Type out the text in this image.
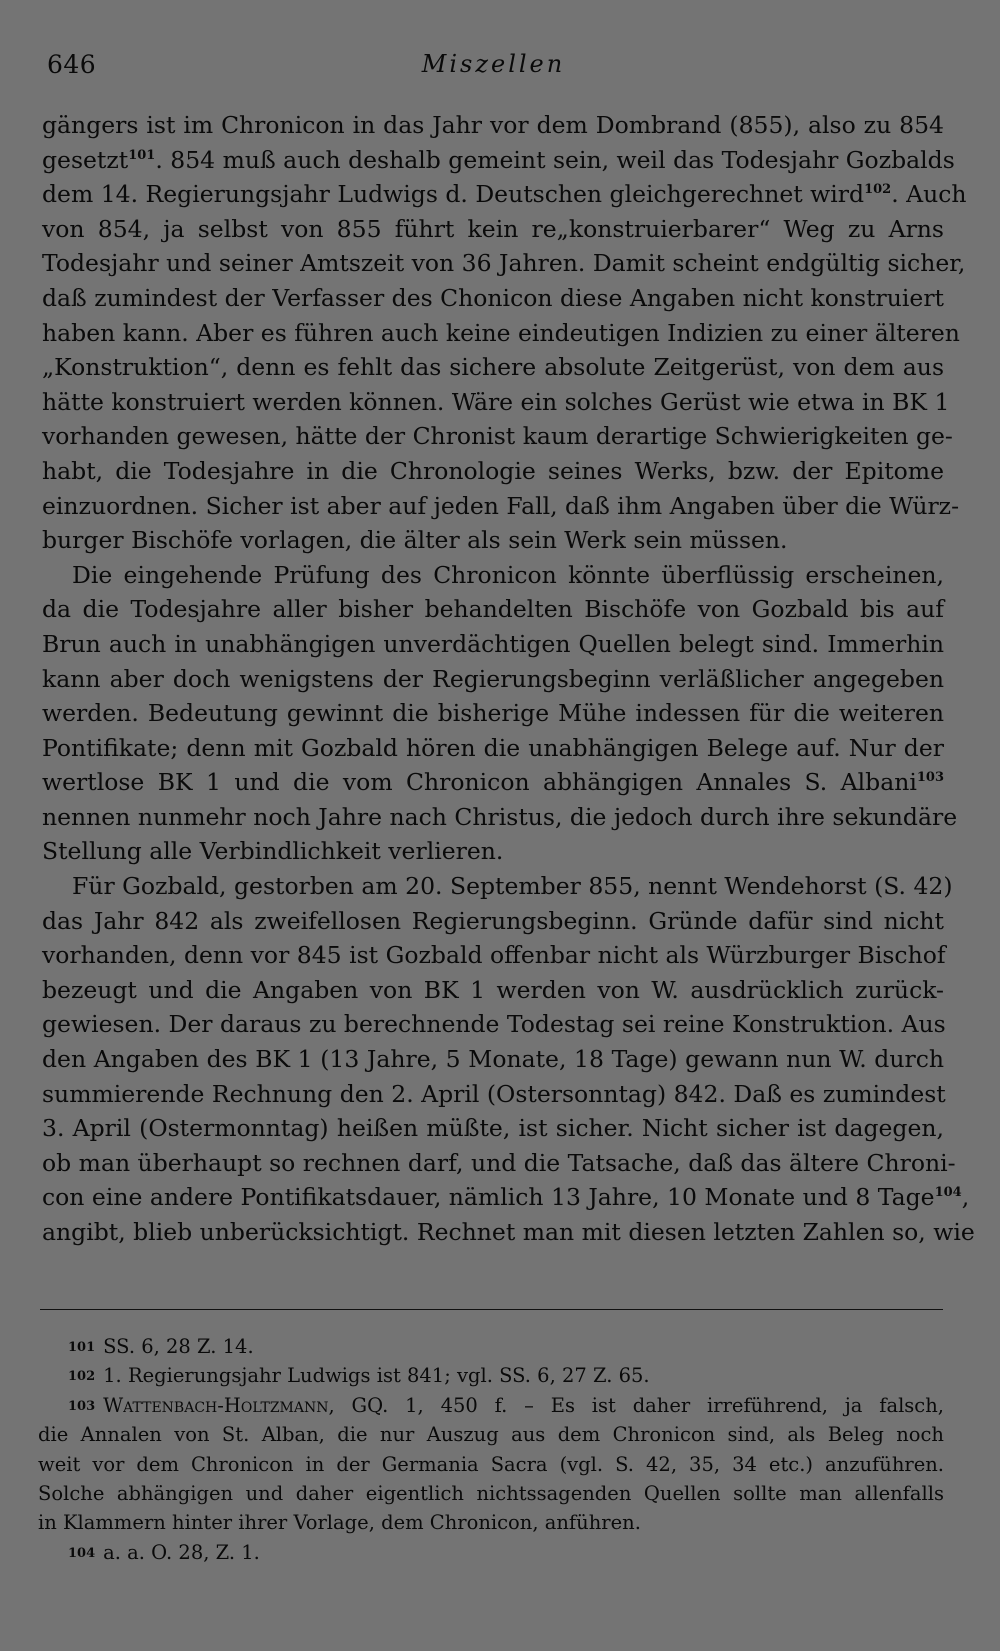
646	Miszellen
gängers ist im Chronicon in das Jahr vor dem Dombrand (855), also zu 854
gesetzt$^{101}$. 854 muß auch deshalb gemeint sein, weil das Todesjahr Gozbalds
dem 14. Regierungsjahr Ludwigs d. Deutschen gleichgerechnet wird$^{102}$. Auch
von 854, ja selbst von 855 führt kein re„konstruierbarer“ Weg zu Arns
Todesjahr und seiner Amtszeit von 36 Jahren. Damit scheint endgültig sicher,
daß zumindest der Verfasser des Chonicon diese Angaben nicht konstruiert
haben kann. Aber es führen auch keine eindeutigen Indizien zu einer älteren
„Konstruktion“, denn es fehlt das sichere absolute Zeitgerüst, von dem aus
hätte konstruiert werden können. Wäre ein solches Gerüst wie etwa in BK 1
vorhanden gewesen, hätte der Chronist kaum derartige Schwierigkeiten ge-
habt, die Todesjahre in die Chronologie seines Werks, bzw. der Epitome
einzuordnen. Sicher ist aber auf jeden Fall, daß ihm Angaben über die Würz-
burger Bischöfe vorlagen, die älter als sein Werk sein müssen.
Die eingehende Prüfung des Chronicon könnte überflüssig erscheinen,
da die Todesjahre aller bisher behandelten Bischöfe von Gozbald bis auf
Brun auch in unabhängigen unverdächtigen Quellen belegt sind. Immerhin
kann aber doch wenigstens der Regierungsbeginn verläßlicher angegeben
werden. Bedeutung gewinnt die bisherige Mühe indessen für die weiteren
Pontifikate; denn mit Gozbald hören die unabhängigen Belege auf. Nur der
wertlose BK 1 und die vom Chronicon abhängigen Annales S. Albani$^{103}$
nennen nunmehr noch Jahre nach Christus, die jedoch durch ihre sekundäre
Stellung alle Verbindlichkeit verlieren.
Für Gozbald, gestorben am 20. September 855, nennt Wendehorst (S. 42)
das Jahr 842 als zweifellosen Regierungsbeginn. Gründe dafür sind nicht
vorhanden, denn vor 845 ist Gozbald offenbar nicht als Würzburger Bischof
bezeugt und die Angaben von BK 1 werden von W. ausdrücklich zurück-
gewiesen. Der daraus zu berechnende Todestag sei reine Konstruktion. Aus
den Angaben des BK 1 (13 Jahre, 5 Monate, 18 Tage) gewann nun W. durch
summierende Rechnung den 2. April (Ostersonntag) 842. Daß es zumindest
3. April (Ostermonntag) heißen müßte, ist sicher. Nicht sicher ist dagegen,
ob man überhaupt so rechnen darf, und die Tatsache, daß das ältere Chroni-
con eine andere Pontifikatsdauer, nämlich 13 Jahre, 10 Monate und 8 Tage$^{104}$,
angibt, blieb unberücksichtigt. Rechnet man mit diesen letzten Zahlen so, wie
101 SS. 6, 28 Z. 14.
102 1. Regierungsjahr Ludwigs ist 841; vgl. SS. 6, 27 Z. 65.
103 Wattenbach-Holtzmann, GQ. 1, 450 f. – Es ist daher irreführend, ja falsch,
die Annalen von St. Alban, die nur Auszug aus dem Chronicon sind, als Beleg noch
weit vor dem Chronicon in der Germania Sacra (vgl. S. 42, 35, 34 etc.) anzuführen.
Solche abhängigen und daher eigentlich nichtssagenden Quellen sollte man allenfalls
in Klammern hinter ihrer Vorlage, dem Chronicon, anführen.
104 a. a. O. 28, Z. 1.
